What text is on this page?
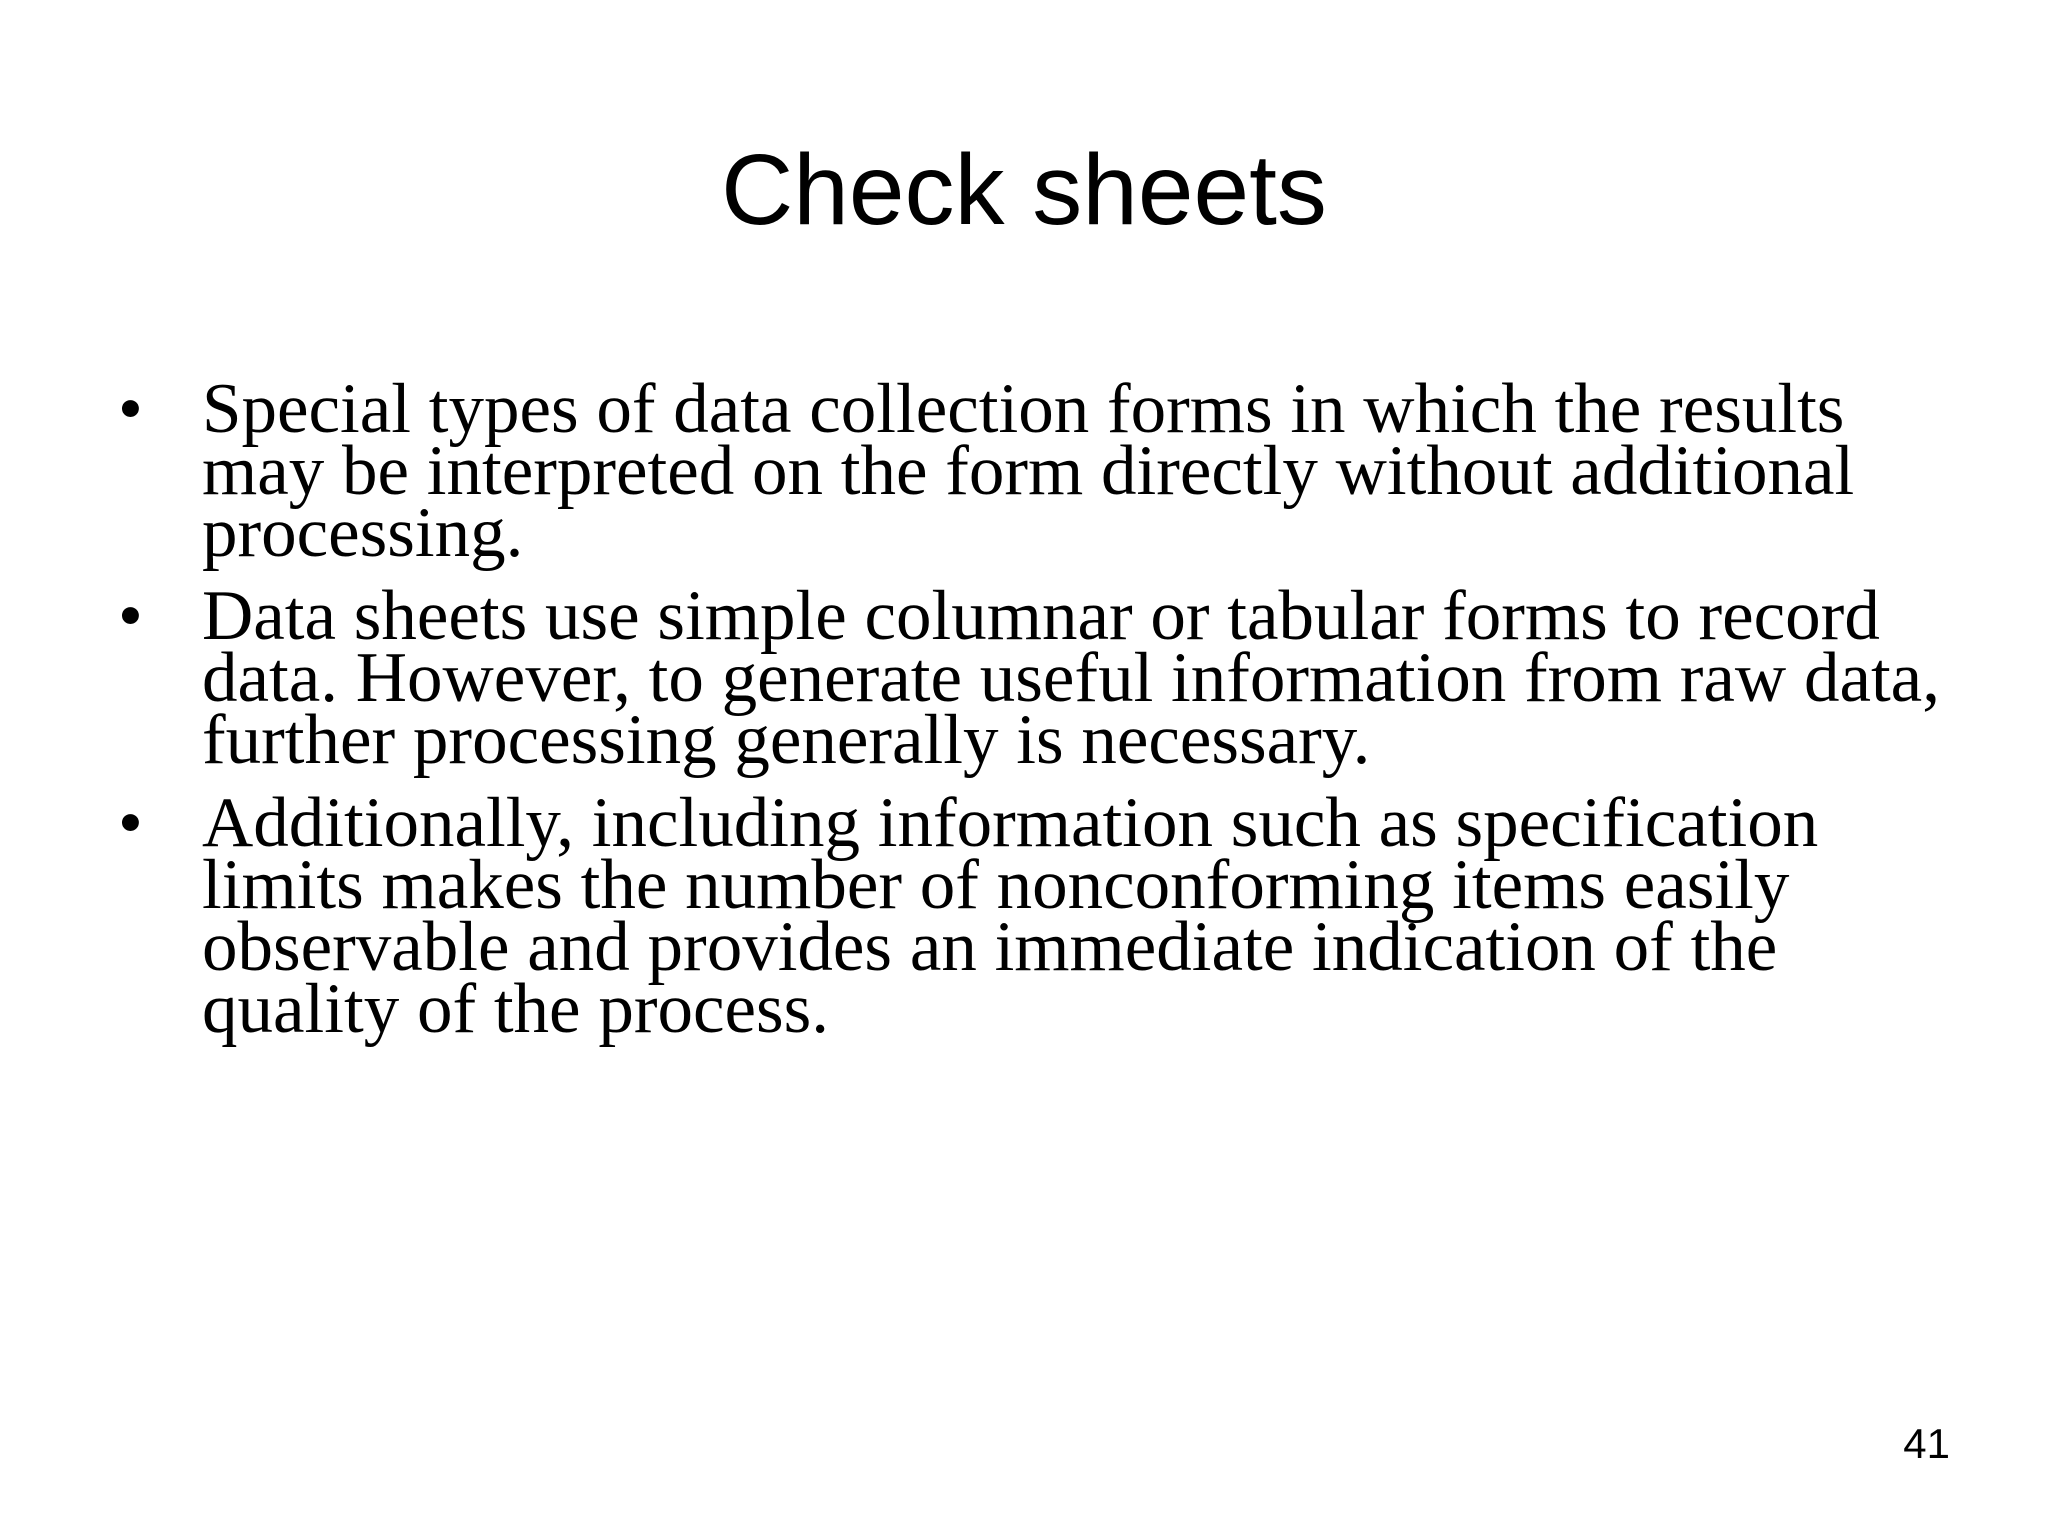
Check sheets
• Special types of data collection forms in which the results may be interpreted on the form directly without additional processing.
• Data sheets use simple columnar or tabular forms to record data. However, to generate useful information from raw data, further processing generally is necessary.
• Additionally, including information such as specification limits makes the number of nonconforming items easily observable and provides an immediate indication of the quality of the process.
41
